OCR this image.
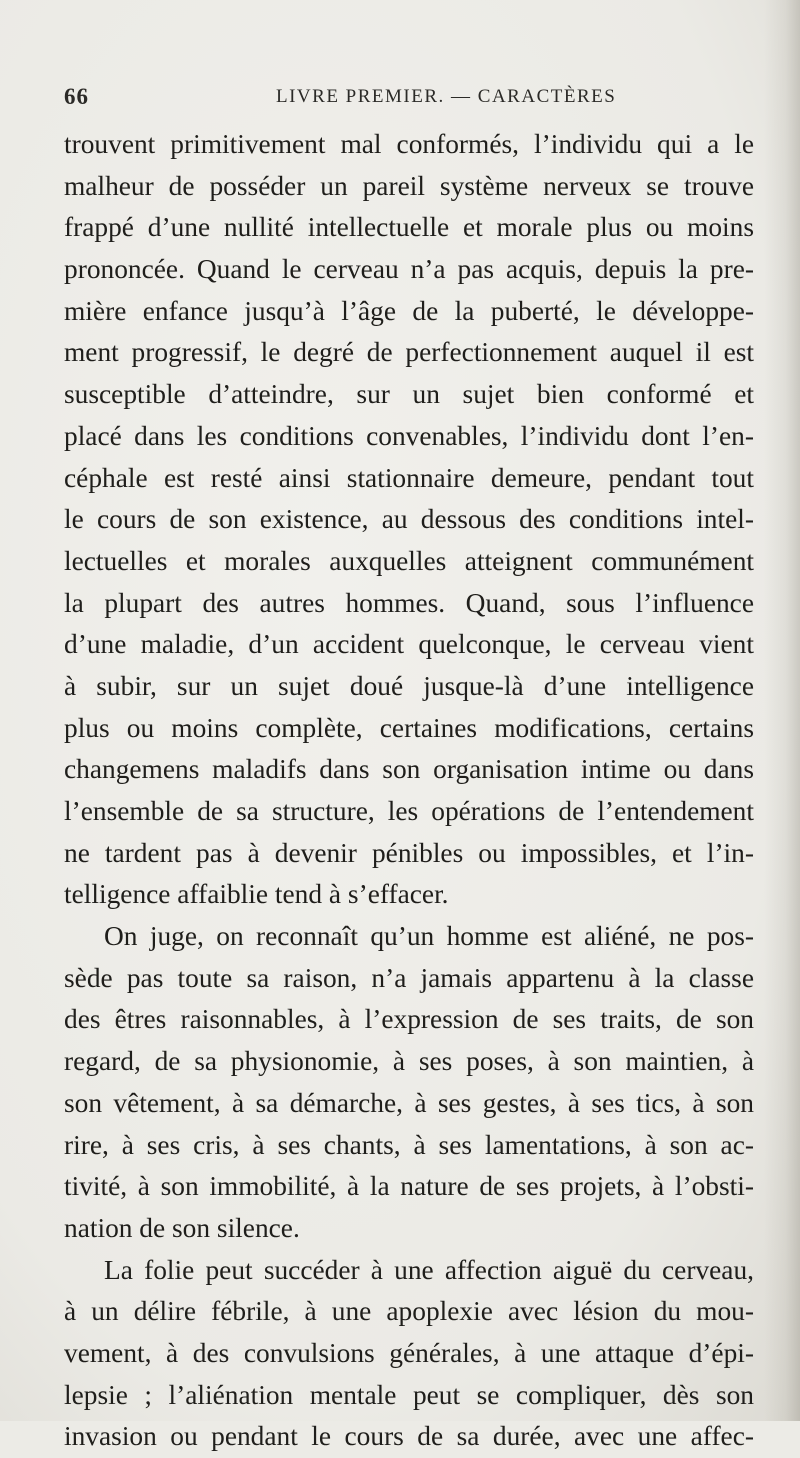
66	LIVRE PREMIER. — CARACTÈRES
trouvent primitivement mal conformés, l’individu qui a le
malheur de posséder un pareil système nerveux se trouve
frappé d’une nullité intellectuelle et morale plus ou moins
prononcée. Quand le cerveau n’a pas acquis, depuis la pre-
mière enfance jusqu’à l’âge de la puberté, le développe-
ment progressif, le degré de perfectionnement auquel il est
susceptible d’atteindre, sur un sujet bien conformé et
placé dans les conditions convenables, l’individu dont l’en-
céphale est resté ainsi stationnaire demeure, pendant tout
le cours de son existence, au dessous des conditions intel-
lectuelles et morales auxquelles atteignent communément
la plupart des autres hommes. Quand, sous l’influence
d’une maladie, d’un accident quelconque, le cerveau vient
à subir, sur un sujet doué jusque-là d’une intelligence
plus ou moins complète, certaines modifications, certains
changemens maladifs dans son organisation intime ou dans
l’ensemble de sa structure, les opérations de l’entendement
ne tardent pas à devenir pénibles ou impossibles, et l’in-
telligence affaiblie tend à s’effacer.
On juge, on reconnaît qu’un homme est aliéné, ne pos-
sède pas toute sa raison, n’a jamais appartenu à la classe
des êtres raisonnables, à l’expression de ses traits, de son
regard, de sa physionomie, à ses poses, à son maintien, à
son vêtement, à sa démarche, à ses gestes, à ses tics, à son
rire, à ses cris, à ses chants, à ses lamentations, à son ac-
tivité, à son immobilité, à la nature de ses projets, à l’obsti-
nation de son silence.
La folie peut succéder à une affection aiguë du cerveau,
à un délire fébrile, à une apoplexie avec lésion du mou-
vement, à des convulsions générales, à une attaque d’épi-
lepsie ; l’aliénation mentale peut se compliquer, dès son
invasion ou pendant le cours de sa durée, avec une affec-
